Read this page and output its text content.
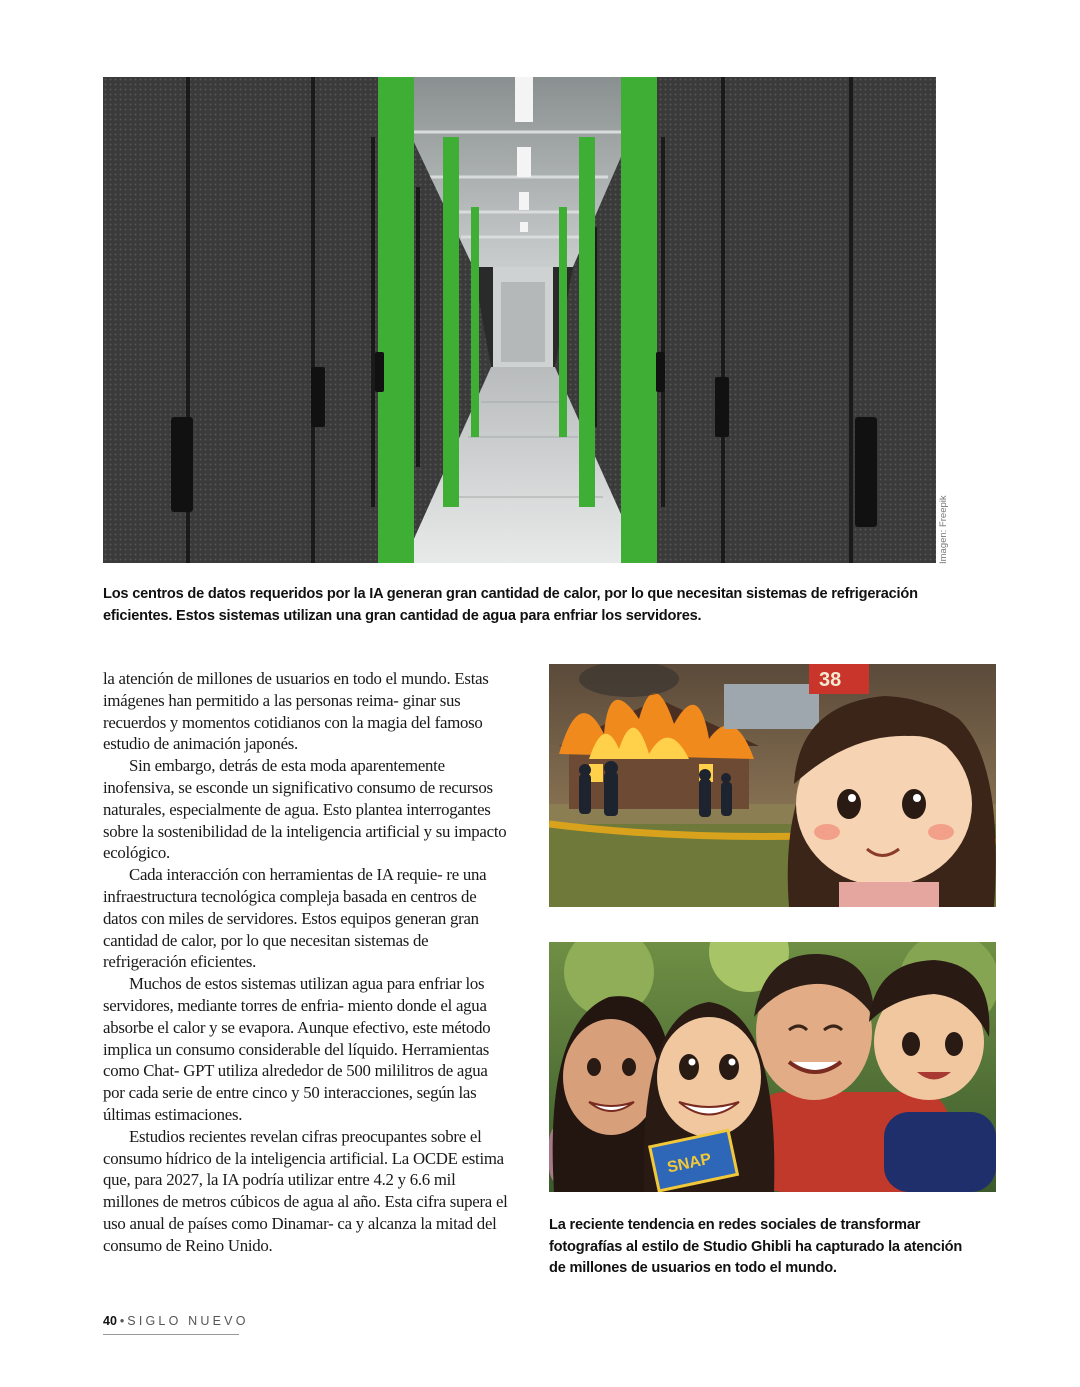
Imagen: Freepik
Los centros de datos requeridos por la IA generan gran cantidad de calor, por lo que necesitan sistemas de refrigeración eficientes. Estos sistemas utilizan una gran cantidad de agua para enfriar los servidores.

la atención de millones de usuarios en todo el mundo. Estas imágenes han permitido a las personas reima- ginar sus recuerdos y momentos cotidianos con la magia del famoso estudio de animación japonés.

Sin embargo, detrás de esta moda aparentemente inofensiva, se esconde un significativo consumo de recursos naturales, especialmente de agua. Esto plantea interrogantes sobre la sostenibilidad de la inteligencia artificial y su impacto ecológico.

Cada interacción con herramientas de IA requie- re una infraestructura tecnológica compleja basada en centros de datos con miles de servidores. Estos equipos generan gran cantidad de calor, por lo que necesitan sistemas de refrigeración eficientes.

Muchos de estos sistemas utilizan agua para enfriar los servidores, mediante torres de enfria- miento donde el agua absorbe el calor y se evapora. Aunque efectivo, este método implica un consumo considerable del líquido. Herramientas como Chat- GPT utiliza alrededor de 500 mililitros de agua por cada serie de entre cinco y 50 interacciones, según las últimas estimaciones.

Estudios recientes revelan cifras preocupantes sobre el consumo hídrico de la inteligencia artificial. La OCDE estima que, para 2027, la IA podría utilizar entre 4.2 y 6.6 mil millones de metros cúbicos de agua al año. Esta cifra supera el uso anual de países como Dinamar- ca y alcanza la mitad del consumo de Reino Unido.

38
SNAP
La reciente tendencia en redes sociales de transformar fotografías al estilo de Studio Ghibli ha capturado la atención de millones de usuarios en todo el mundo.
40 • SIGLO NUEVO
